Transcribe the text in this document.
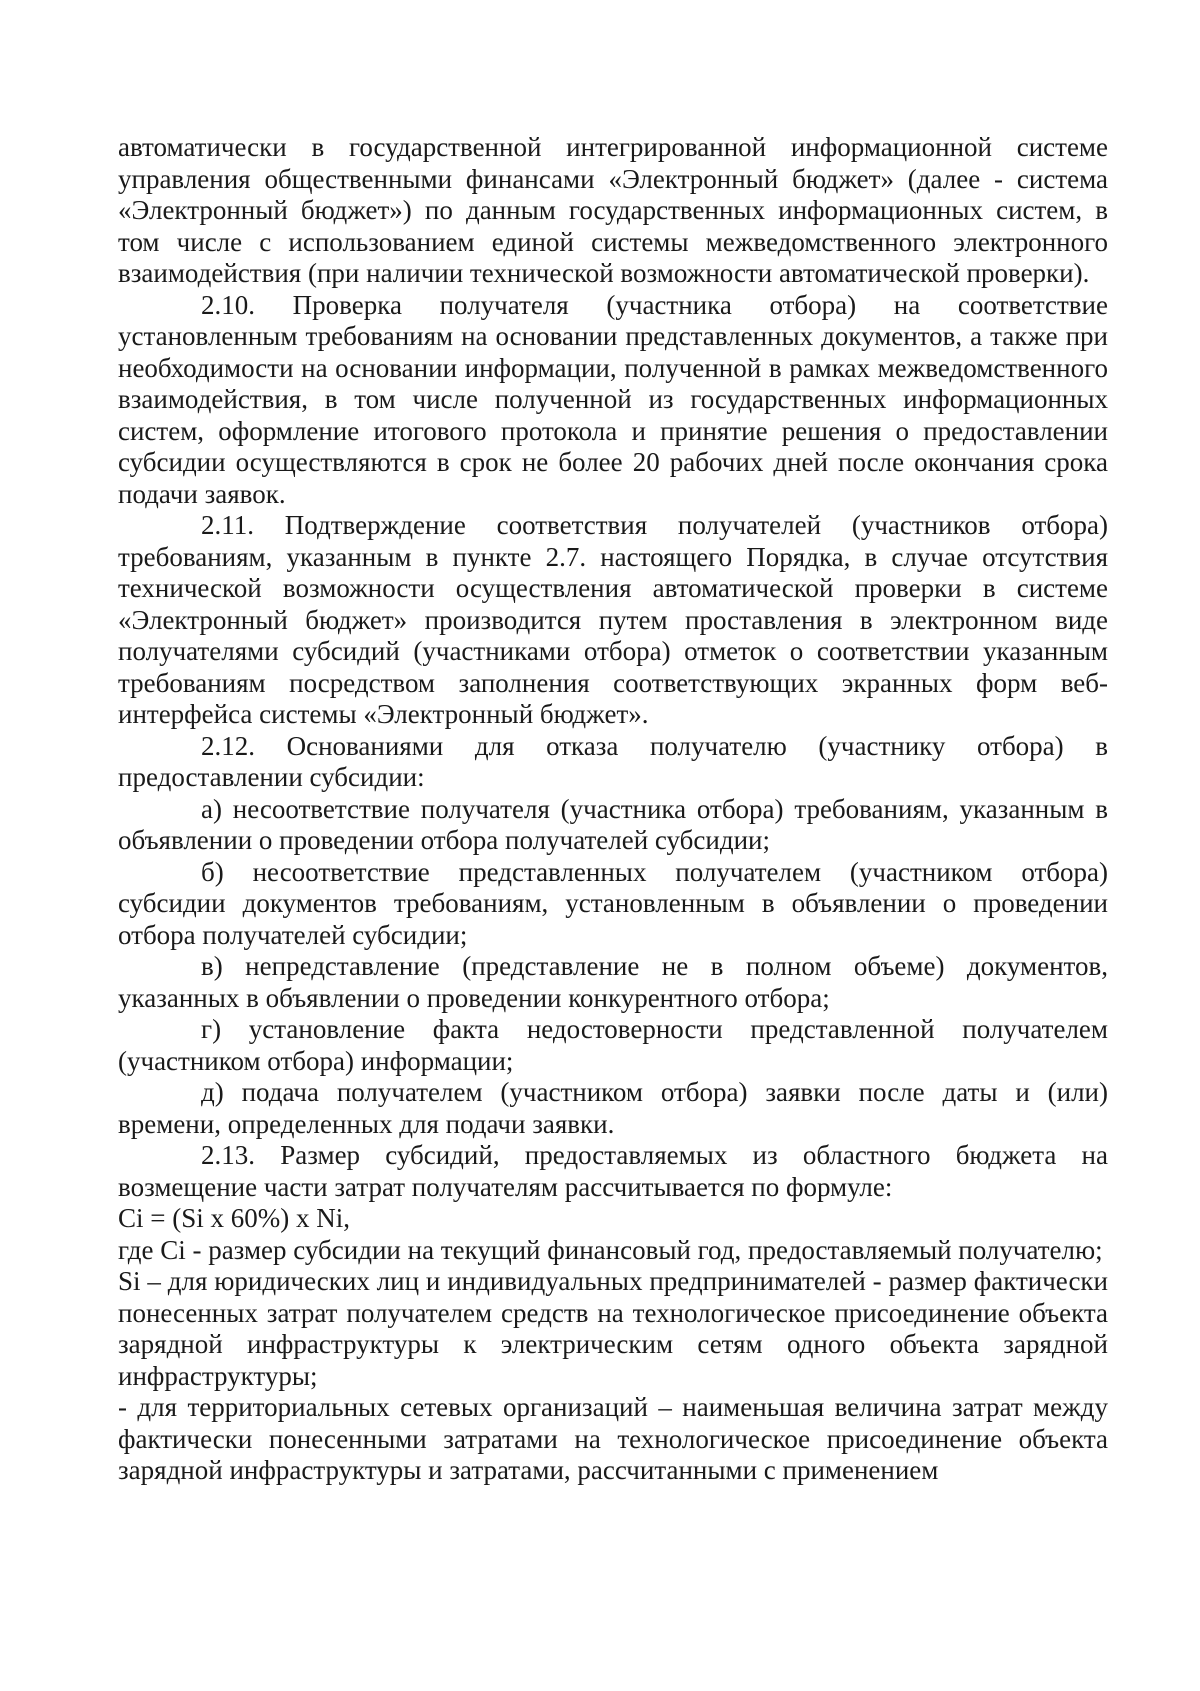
автоматически в государственной интегрированной информационной системе управления общественными финансами «Электронный бюджет» (далее - система «Электронный бюджет») по данным государственных информационных систем, в том числе с использованием единой системы межведомственного электронного взаимодействия (при наличии технической возможности автоматической проверки).

2.10. Проверка получателя (участника отбора) на соответствие установленным требованиям на основании представленных документов, а также при необходимости на основании информации, полученной в рамках межведомственного взаимодействия, в том числе полученной из государственных информационных систем, оформление итогового протокола и принятие решения о предоставлении субсидии осуществляются в срок не более 20 рабочих дней после окончания срока подачи заявок.

2.11. Подтверждение соответствия получателей (участников отбора) требованиям, указанным в пункте 2.7. настоящего Порядка, в случае отсутствия технической возможности осуществления автоматической проверки в системе «Электронный бюджет» производится путем проставления в электронном виде получателями субсидий (участниками отбора) отметок о соответствии указанным требованиям посредством заполнения соответствующих экранных форм веб-интерфейса системы «Электронный бюджет».

2.12. Основаниями для отказа получателю (участнику отбора) в предоставлении субсидии:

а) несоответствие получателя (участника отбора) требованиям, указанным в объявлении о проведении отбора получателей субсидии;

б) несоответствие представленных получателем (участником отбора) субсидии документов требованиям, установленным в объявлении о проведении отбора получателей субсидии;

в) непредставление (представление не в полном объеме) документов, указанных в объявлении о проведении конкурентного отбора;

г) установление факта недостоверности представленной получателем (участником отбора) информации;

д) подача получателем (участником отбора) заявки после даты и (или) времени, определенных для подачи заявки.

2.13. Размер субсидий, предоставляемых из областного бюджета на возмещение части затрат получателям рассчитывается по формуле:

Ci = (Si x 60%) x Ni,

где Ci - размер субсидии на текущий финансовый год, предоставляемый получателю;

Si – для юридических лиц и индивидуальных предпринимателей - размер фактически понесенных затрат получателем средств на технологическое присоединение объекта зарядной инфраструктуры к электрическим сетям одного объекта зарядной инфраструктуры;

- для территориальных сетевых организаций – наименьшая величина затрат между фактически понесенными затратами на технологическое присоединение объекта зарядной инфраструктуры и затратами, рассчитанными с применением
